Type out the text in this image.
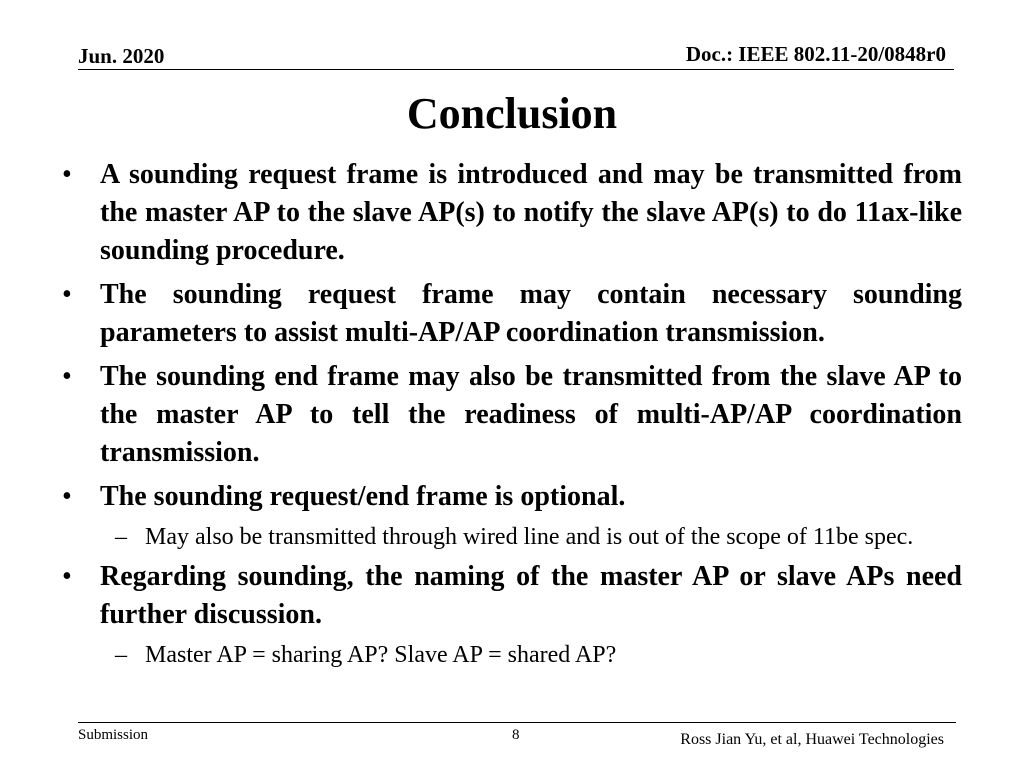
Jun. 2020	Doc.: IEEE 802.11-20/0848r0
Conclusion
• A sounding request frame is introduced and may be transmitted from the master AP to the slave AP(s) to notify the slave AP(s) to do 11ax-like sounding procedure.
• The sounding request frame may contain necessary sounding parameters to assist multi-AP/AP coordination transmission.
• The sounding end frame may also be transmitted from the slave AP to the master AP to tell the readiness of multi-AP/AP coordination transmission.
• The sounding request/end frame is optional.
– May also be transmitted through wired line and is out of the scope of 11be spec.
• Regarding sounding, the naming of the master AP or slave APs need further discussion.
– Master AP = sharing AP? Slave AP = shared AP?
Submission	8	Ross Jian Yu, et al, Huawei Technologies
